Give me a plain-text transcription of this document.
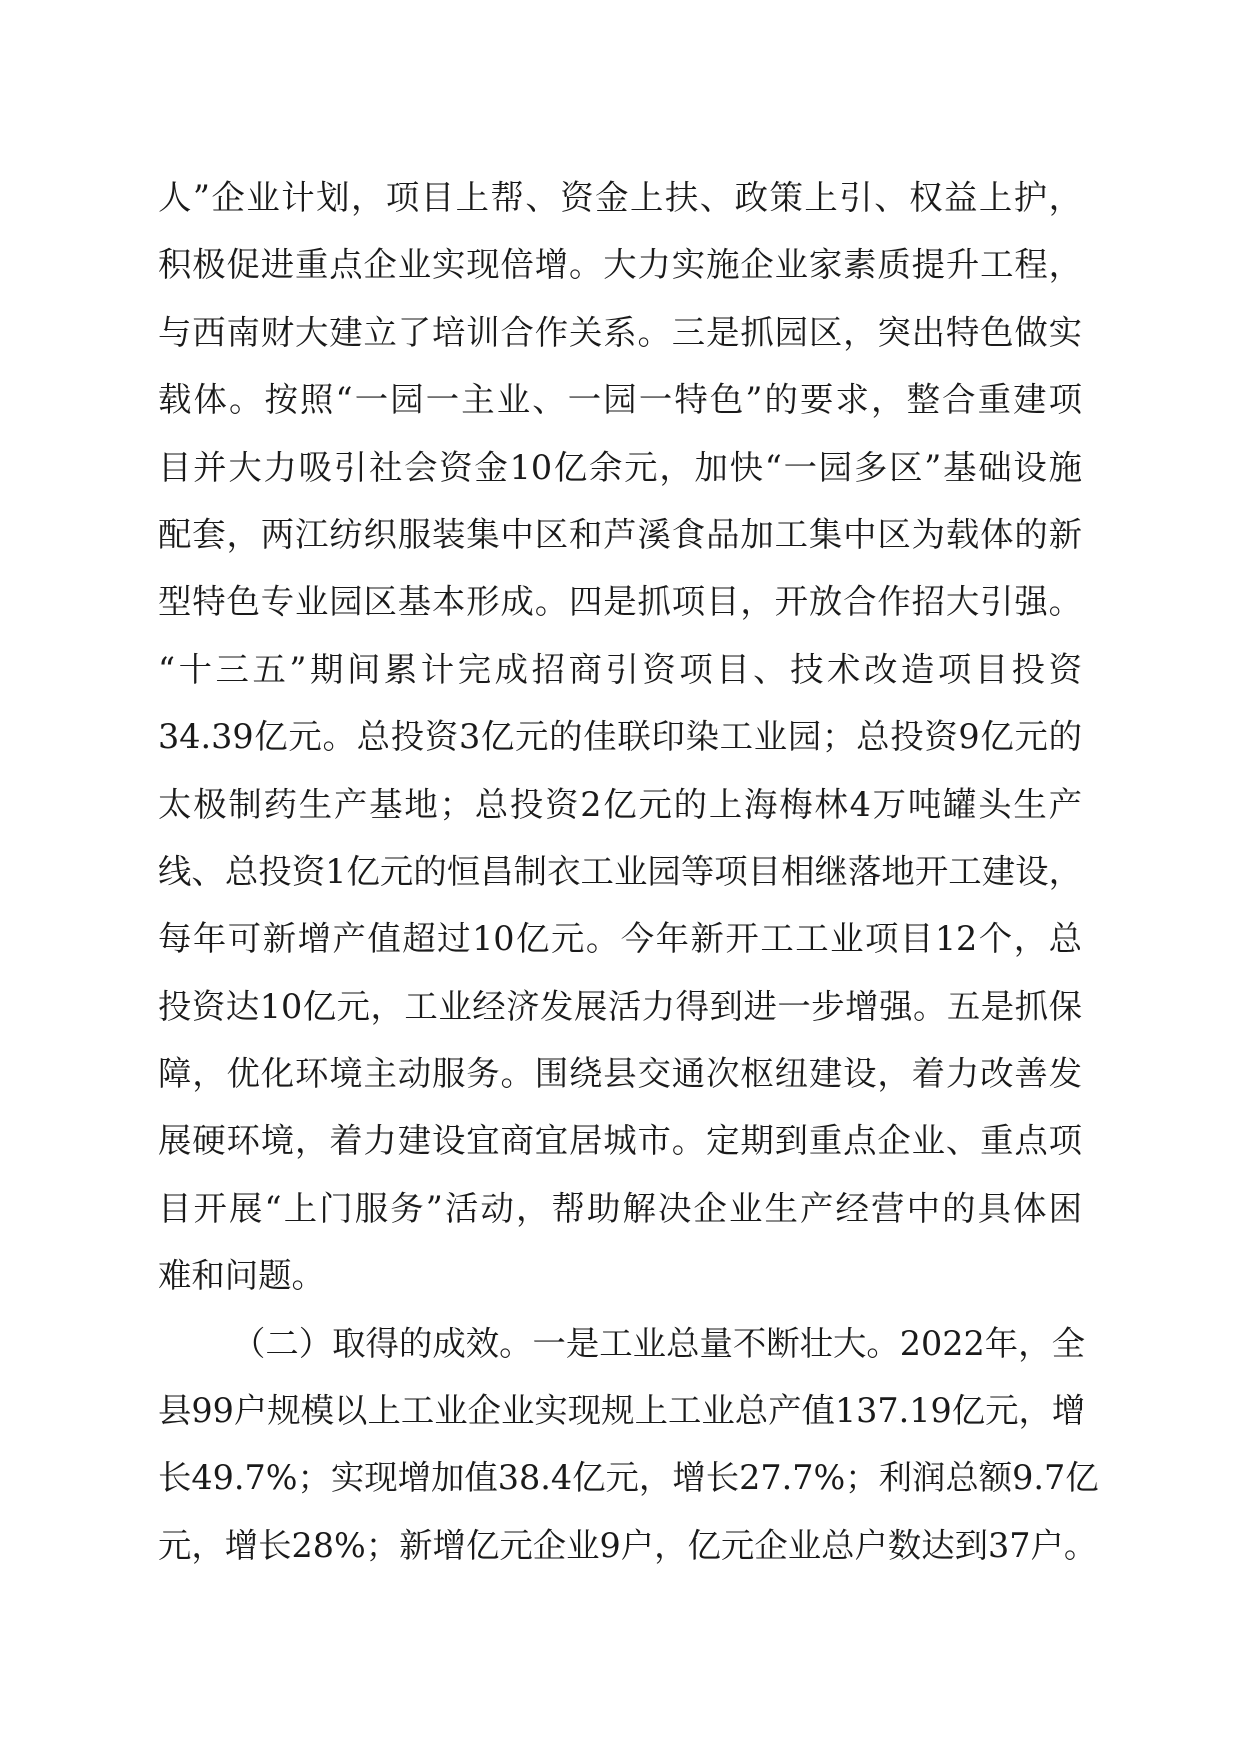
人”企业计划，项目上帮、资金上扶、政策上引、权益上护，
积极促进重点企业实现倍增。大力实施企业家素质提升工程，
与西南财大建立了培训合作关系。三是抓园区，突出特色做实
载体。按照“一园一主业、一园一特色”的要求，整合重建项
目并大力吸引社会资金10亿余元，加快“一园多区”基础设施
配套，两江纺织服装集中区和芦溪食品加工集中区为载体的新
型特色专业园区基本形成。四是抓项目，开放合作招大引强。
“十三五”期间累计完成招商引资项目、技术改造项目投资
34.39亿元。总投资3亿元的佳联印染工业园；总投资9亿元的
太极制药生产基地；总投资2亿元的上海梅林4万吨罐头生产
线、总投资1亿元的恒昌制衣工业园等项目相继落地开工建设，
每年可新增产值超过10亿元。今年新开工工业项目12个，总
投资达10亿元，工业经济发展活力得到进一步增强。五是抓保
障，优化环境主动服务。围绕县交通次枢纽建设，着力改善发
展硬环境，着力建设宜商宜居城市。定期到重点企业、重点项
目开展“上门服务”活动，帮助解决企业生产经营中的具体困
难和问题。
（二）取得的成效。一是工业总量不断壮大。2022年，全
县99户规模以上工业企业实现规上工业总产值137.19亿元，增
长49.7%；实现增加值38.4亿元，增长27.7%；利润总额9.7亿
元，增长28%；新增亿元企业9户，亿元企业总户数达到37户。
